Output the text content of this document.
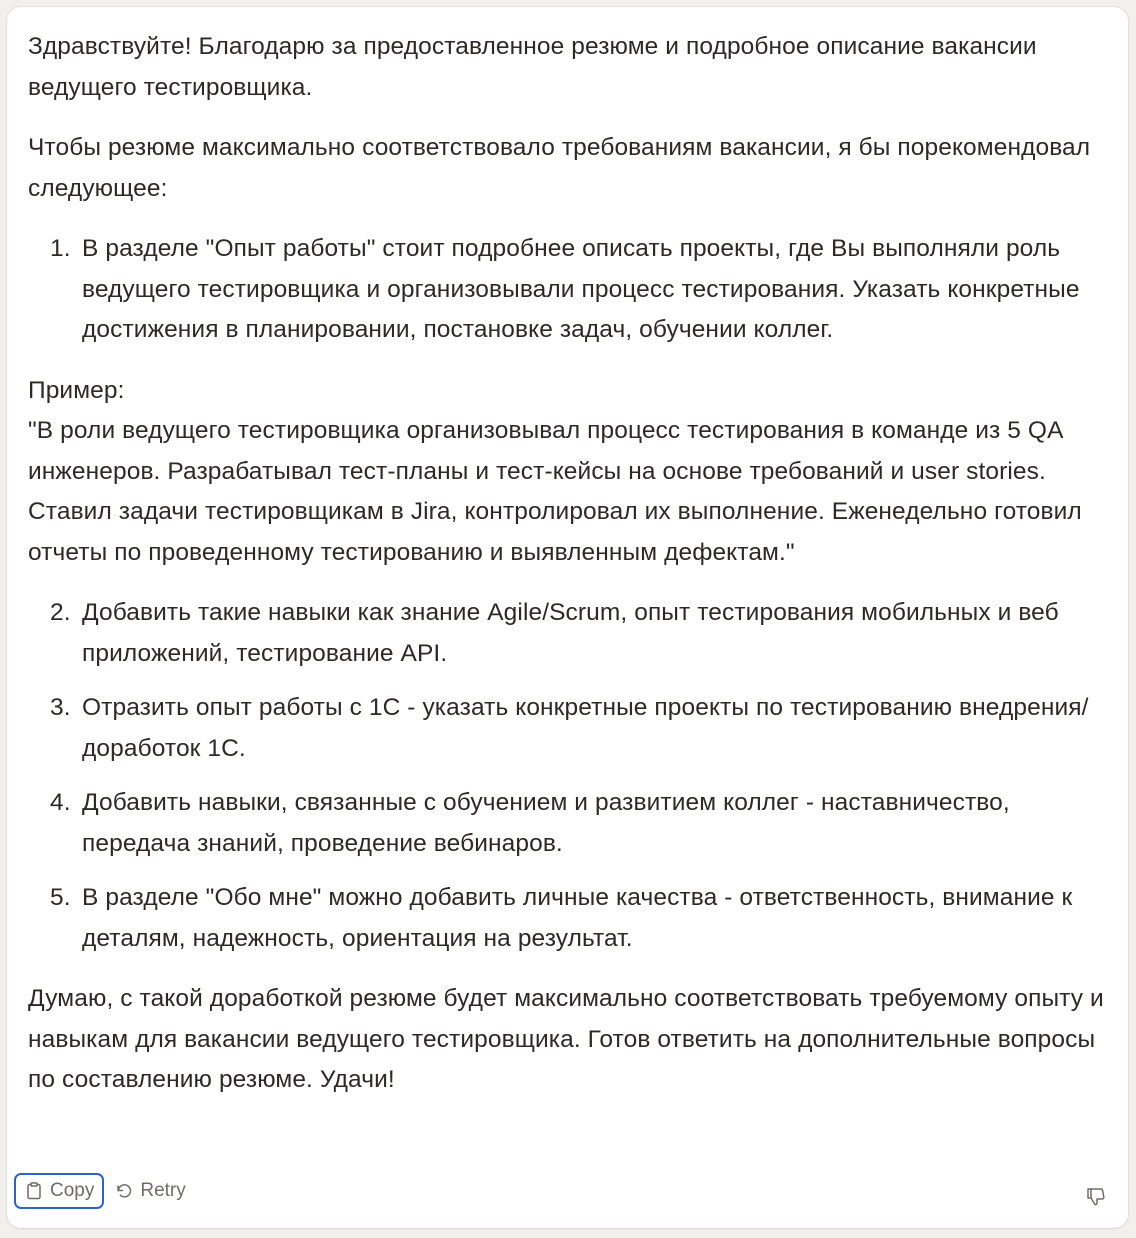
Здравствуйте! Благодарю за предоставленное резюме и подробное описание вакансии ведущего тестировщика.

Чтобы резюме максимально соответствовало требованиям вакансии, я бы порекомендовал следующее:

1. В разделе "Опыт работы" стоит подробнее описать проекты, где Вы выполняли роль ведущего тестировщика и организовывали процесс тестирования. Указать конкретные достижения в планировании, постановке задач, обучении коллег.
Пример:
"В роли ведущего тестировщика организовывал процесс тестирования в команде из 5 QA инженеров. Разрабатывал тест-планы и тест-кейсы на основе требований и user stories. Ставил задачи тестировщикам в Jira, контролировал их выполнение. Еженедельно готовил отчеты по проведенному тестированию и выявленным дефектам."
2. Добавить такие навыки как знание Agile/Scrum, опыт тестирования мобильных и веб приложений, тестирование API.
3. Отразить опыт работы с 1С - указать конкретные проекты по тестированию внедрения/доработок 1С.
4. Добавить навыки, связанные с обучением и развитием коллег - наставничество, передача знаний, проведение вебинаров.
5. В разделе "Обо мне" можно добавить личные качества - ответственность, внимание к деталям, надежность, ориентация на результат.

Думаю, с такой доработкой резюме будет максимально соответствовать требуемому опыту и навыкам для вакансии ведущего тестировщика. Готов ответить на дополнительные вопросы по составлению резюме. Удачи!

Copy Retry
